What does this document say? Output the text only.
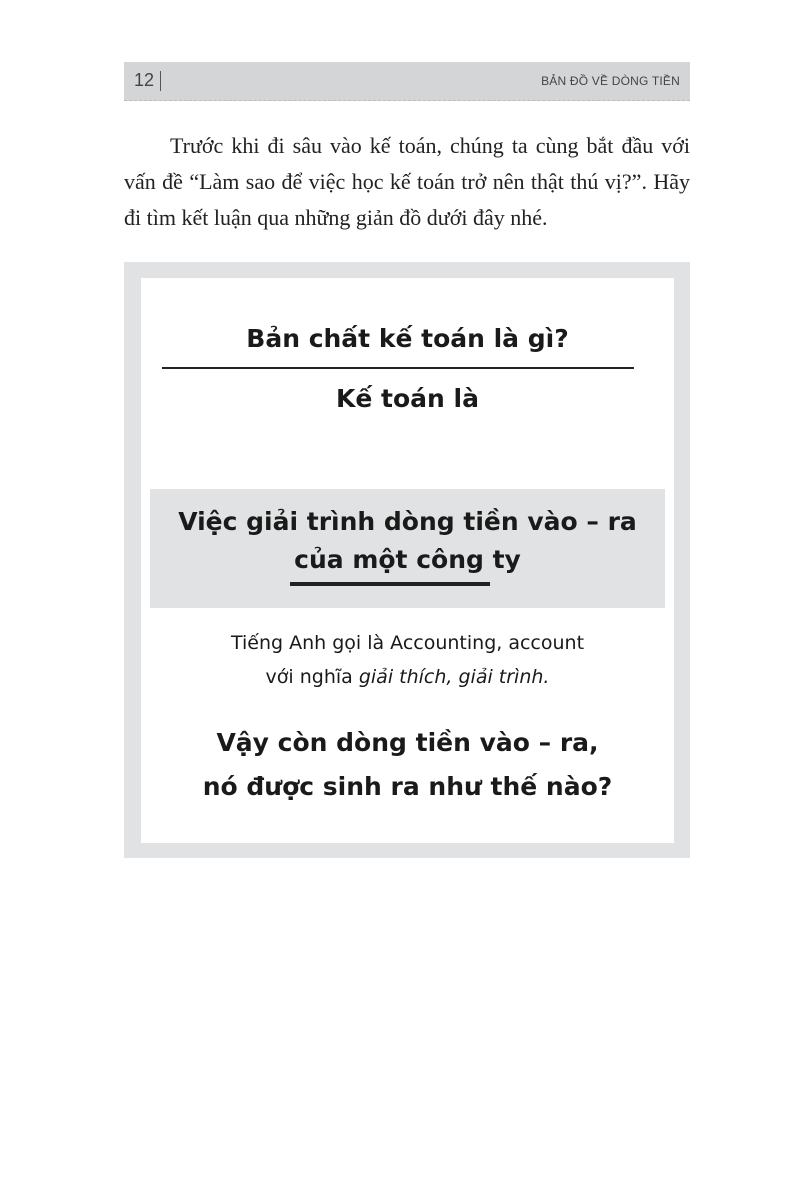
12	BẢN ĐỒ VỀ DÒNG TIỀN

Trước khi đi sâu vào kế toán, chúng ta cùng bắt đầu với vấn đề “Làm sao để việc học kế toán trở nên thật thú vị?”. Hãy đi tìm kết luận qua những giản đồ dưới đây nhé.

Bản chất kế toán là gì?
Kế toán là
Việc giải trình dòng tiền vào – ra
của một công ty
Tiếng Anh gọi là Accounting, account
với nghĩa giải thích, giải trình.
Vậy còn dòng tiền vào – ra,
nó được sinh ra như thế nào?
